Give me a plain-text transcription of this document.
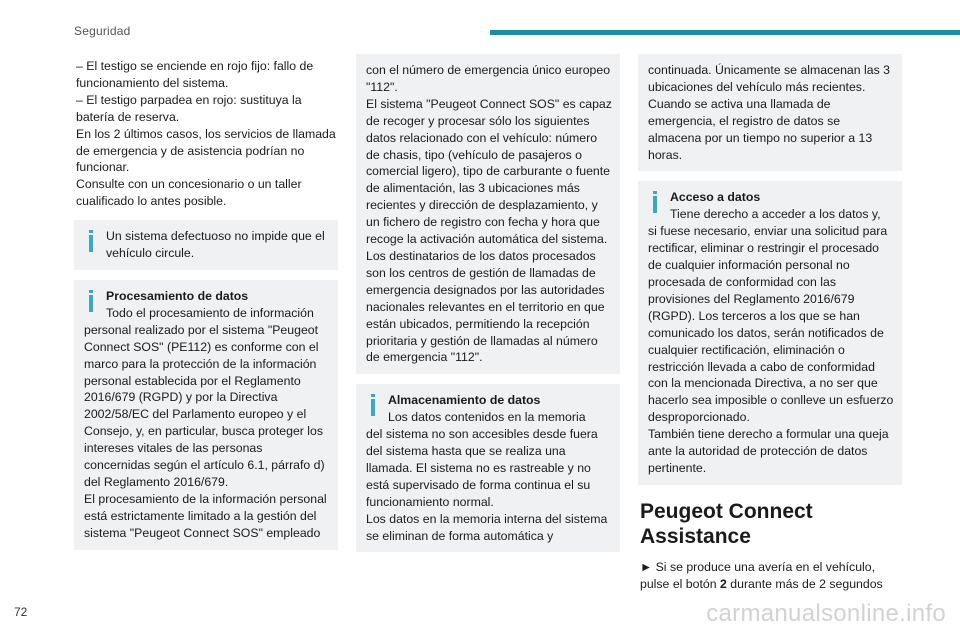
Seguridad

– El testigo se enciende en rojo fijo: fallo de funcionamiento del sistema.

– El testigo parpadea en rojo: sustituya la batería de reserva.

En los 2 últimos casos, los servicios de llamada de emergencia y de asistencia podrían no funcionar.

Consulte con un concesionario o un taller cualificado lo antes posible.

Un sistema defectuoso no impide que el vehículo circule.

Procesamiento de datos

Todo el procesamiento de información

personal realizado por el sistema "Peugeot Connect SOS" (PE112) es conforme con el marco para la protección de la información personal establecida por el Reglamento 2016/679 (RGPD) y por la Directiva 2002/58/EC del Parlamento europeo y el Consejo, y, en particular, busca proteger los intereses vitales de las personas concernidas según el artículo 6.1, párrafo d) del Reglamento 2016/679.

El procesamiento de la información personal está estrictamente limitado a la gestión del sistema "Peugeot Connect SOS" empleado

con el número de emergencia único europeo "112".

El sistema "Peugeot Connect SOS" es capaz de recoger y procesar sólo los siguientes datos relacionado con el vehículo: número de chasis, tipo (vehículo de pasajeros o comercial ligero), tipo de carburante o fuente de alimentación, las 3 ubicaciones más recientes y dirección de desplazamiento, y un fichero de registro con fecha y hora que recoge la activación automática del sistema.

Los destinatarios de los datos procesados son los centros de gestión de llamadas de emergencia designados por las autoridades nacionales relevantes en el territorio en que están ubicados, permitiendo la recepción prioritaria y gestión de llamadas al número de emergencia "112".

Almacenamiento de datos

Los datos contenidos en la memoria

del sistema no son accesibles desde fuera del sistema hasta que se realiza una llamada. El sistema no es rastreable y no está supervisado de forma continua el su funcionamiento normal.

Los datos en la memoria interna del sistema se eliminan de forma automática y

continuada. Únicamente se almacenan las 3 ubicaciones del vehículo más recientes. Cuando se activa una llamada de emergencia, el registro de datos se almacena por un tiempo no superior a 13 horas.

Acceso a datos

Tiene derecho a acceder a los datos y,

si fuese necesario, enviar una solicitud para rectificar, eliminar o restringir el procesado de cualquier información personal no procesada de conformidad con las provisiones del Reglamento 2016/679 (RGPD). Los terceros a los que se han comunicado los datos, serán notificados de cualquier rectificación, eliminación o restricción llevada a cabo de conformidad con la mencionada Directiva, a no ser que hacerlo sea imposible o conlleve un esfuerzo desproporcionado.

También tiene derecho a formular una queja ante la autoridad de protección de datos pertinente.

Peugeot Connect Assistance

► Si se produce una avería en el vehículo, pulse el botón 2 durante más de 2 segundos

72	carmanualsonline.info
